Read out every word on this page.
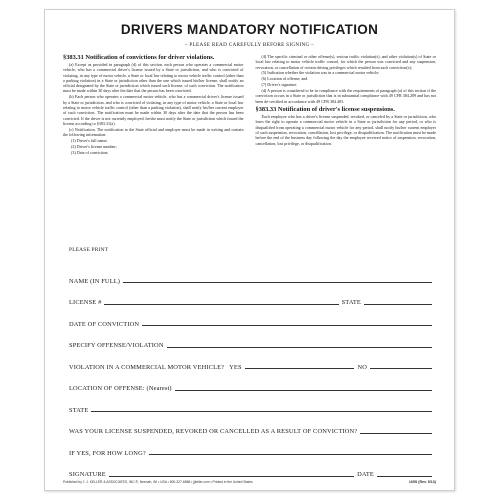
DRIVERS MANDATORY NOTIFICATION
– PLEASE READ CAREFULLY BEFORE SIGNING –
§383.31 Notification of convictions for driver violations.

(a) Except as provided in paragraph (d) of this section, each person who operates a commercial motor vehicle, who has a commercial driver's license issued by a State or jurisdiction, and who is convicted of violating, in any type of motor vehicle, a State or local law relating to motor vehicle traffic control (other than a parking violation) in a State or jurisdiction other than the one which issued his/her license, shall notify an official designated by the State or jurisdiction which issued such license, of such conviction. The notification must be made within 30 days after the date that the person has been convicted.

(b) Each person who operates a commercial motor vehicle, who has a commercial driver's license issued by a State or jurisdiction, and who is convicted of violating, in any type of motor vehicle, a State or local law relating to motor vehicle traffic control (other than a parking violation), shall notify his/her current employer of such conviction. The notification must be made within 30 days after the date that the person has been convicted. If the driver is not currently employed, he/she must notify the State or jurisdiction which issued the license according to §383.31(a).

(c) Notification. The notification to the State official and employer must be made in writing and contain the following information:

(1) Driver's full name;

(2) Driver's license number;

(3) Date of conviction;

(4) The specific criminal or other offense(s), serious traffic violation(s), and other violation(s) of State or local law relating to motor vehicle traffic control, for which the person was convicted and any suspension, revocation, or cancellation of certain driving privileges which resulted from such conviction(s);

(5) Indication whether the violation was in a commercial motor vehicle;

(6) Location of offense; and

(7) Driver's signature.

(d) A person is considered to be in compliance with the requirements of paragraph (a) of this section if the conviction occurs in a State or jurisdiction that is in substantial compliance with 49 CFR 384.209 and has not been de-certified in accordance with 49 CFR 384.405.

§383.33 Notification of driver's license suspensions.

Each employee who has a driver's license suspended, revoked, or canceled by a State or jurisdiction, who loses the right to operate a commercial motor vehicle in a State or jurisdiction for any period, or who is disqualified from operating a commercial motor vehicle for any period, shall notify his/her current employer of such suspension, revocation, cancellation, lost privilege, or disqualification. The notification must be made before the end of the business day following the day the employee received notice of suspension, revocation, cancellation, lost privilege, or disqualification.

PLEASE PRINT
NAME (IN FULL)
LICENSE #	STATE
DATE OF CONVICTION
SPECIFY OFFENSE/VIOLATION
VIOLATION IN A COMMERCIAL MOTOR VEHICLE? YES	NO
LOCATION OF OFFENSE: (Nearest)
STATE
WAS YOUR LICENSE SUSPENDED, REVOKED OR CANCELLED AS A RESULT OF CONVICTION?
IF YES, FOR HOW LONG?
SIGNATURE	DATE
Published by J. J. KELLER & ASSOCIATES, INC.®, Neenah, WI • USA • 800-327-6868 • jjkeller.com • Printed in the United States	165S (Rev. 5/13)
